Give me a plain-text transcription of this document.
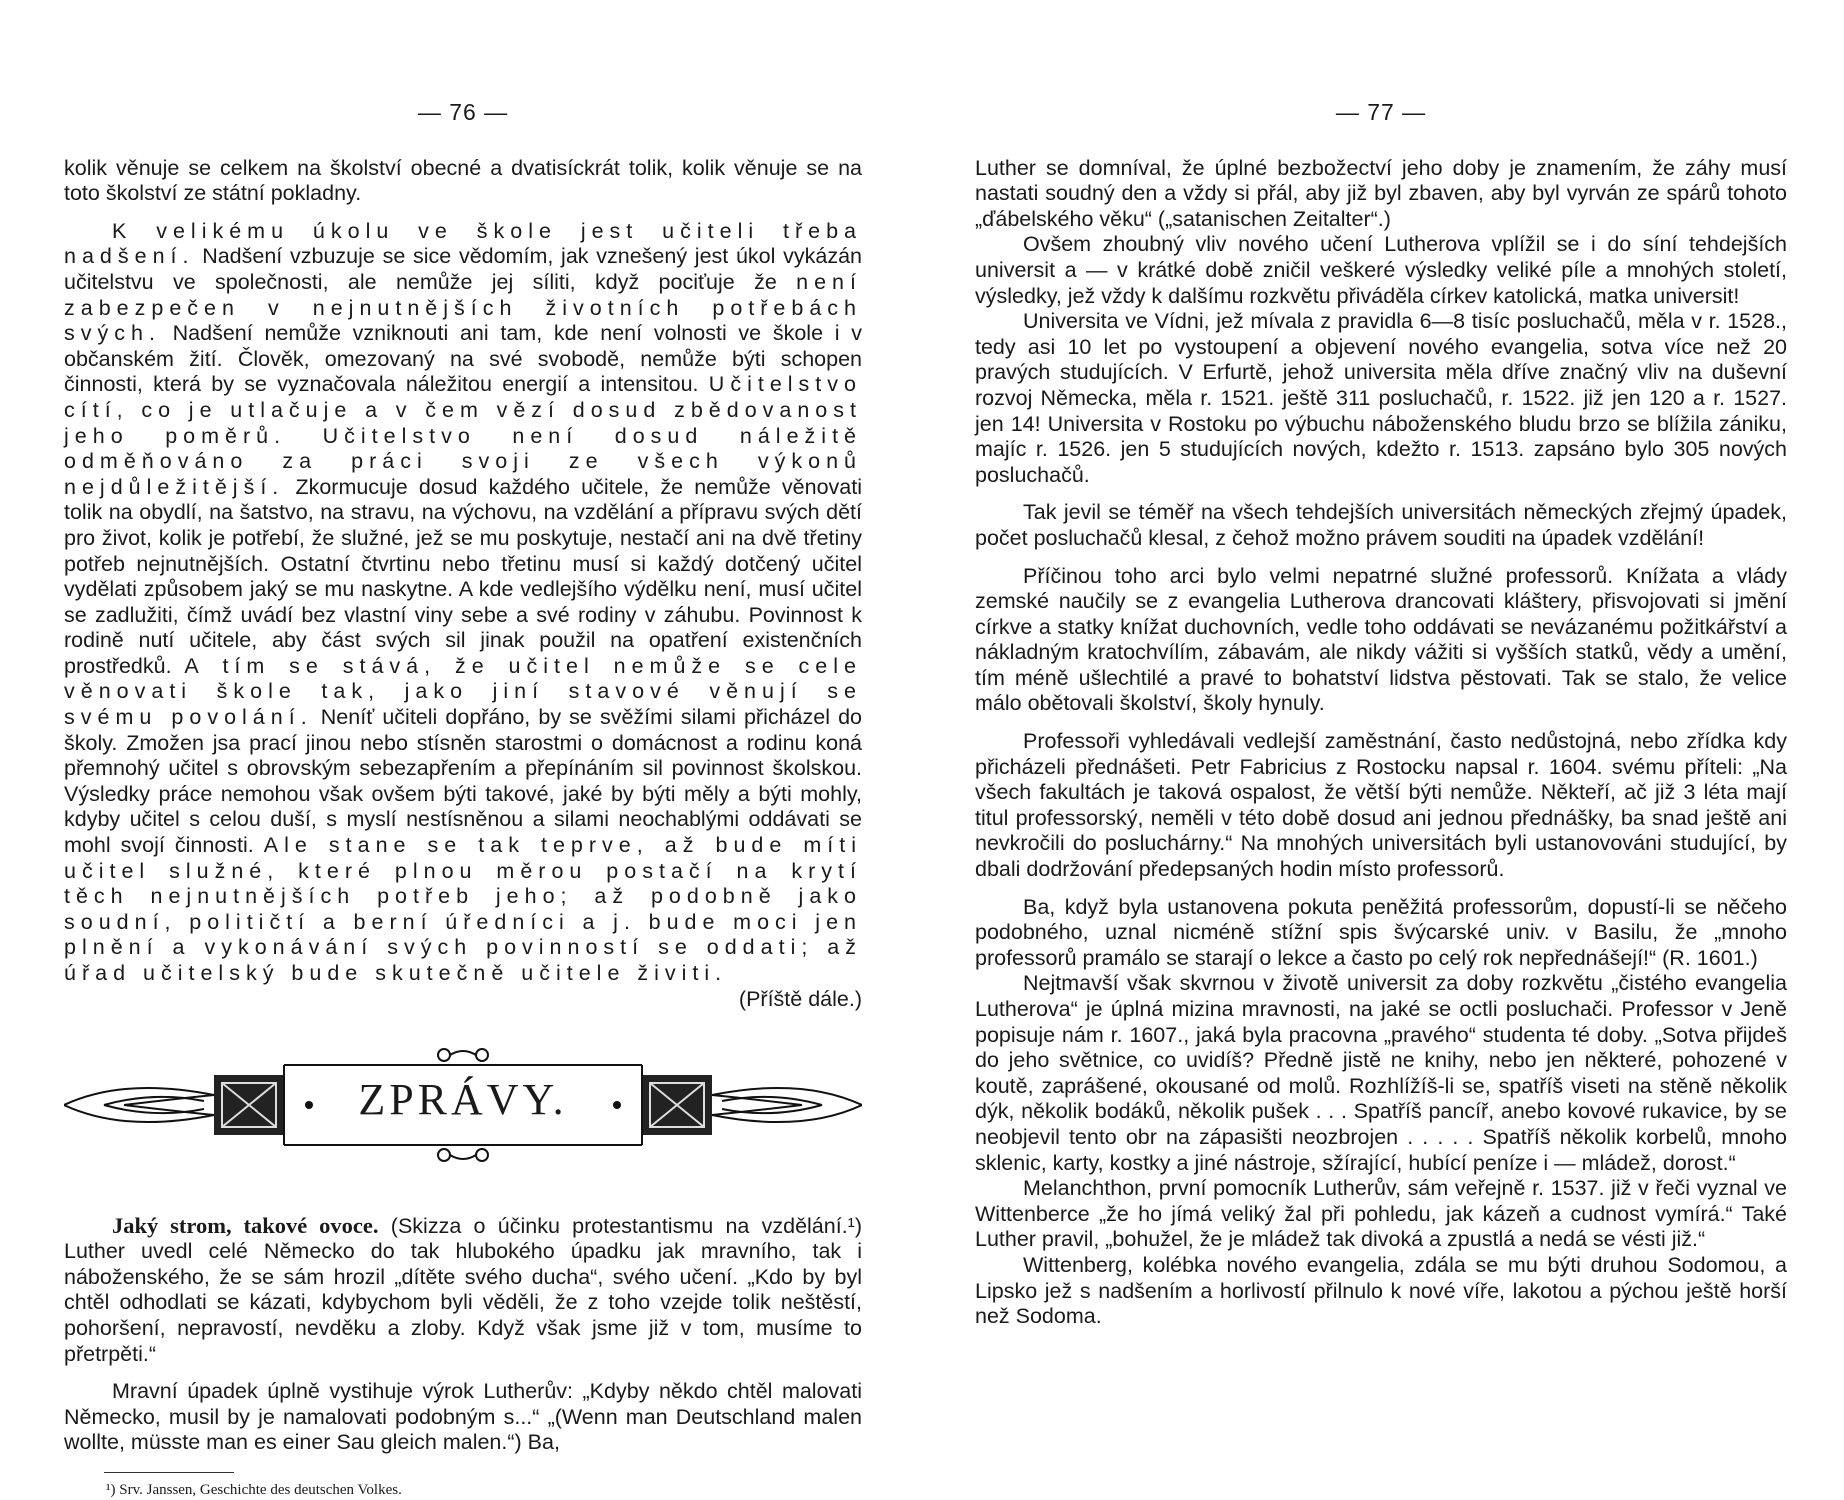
— 76 —

kolik věnuje se celkem na školství obecné a dvatisíckrát tolik, kolik věnuje se na toto školství ze státní pokladny.

K velikému úkolu ve škole jest učiteli třeba nadšení. Nadšení vzbuzuje se sice vědomím, jak vznešený jest úkol vykázán učitelstvu ve společnosti, ale nemůže jej síliti, když pociťuje že není zabezpečen v nejnutnějších životních potřebách svých. Nadšení nemůže vzniknouti ani tam, kde není volnosti ve škole i v občanském žití. Člověk, omezovaný na své svobodě, nemůže býti schopen činnosti, která by se vyznačovala náležitou energií a intensitou. Učitelstvo cítí, co je utlačuje a v čem vězí dosud zbědovanost jeho poměrů. Učitelstvo není dosud náležitě odměňováno za práci svoji ze všech výkonů nejdůležitější. Zkormucuje dosud každého učitele, že nemůže věnovati tolik na obydlí, na šatstvo, na stravu, na výchovu, na vzdělání a přípravu svých dětí pro život, kolik je potřebí, že služné, jež se mu poskytuje, nestačí ani na dvě třetiny potřeb nejnutnějších. Ostatní čtvrtinu nebo třetinu musí si každý dotčený učitel vydělati způsobem jaký se mu naskytne. A kde vedlejšího výdělku není, musí učitel se zadlužiti, čímž uvádí bez vlastní viny sebe a své rodiny v záhubu. Povinnost k rodině nutí učitele, aby část svých sil jinak použil na opatření existenčních prostředků. A tím se stává, že učitel nemůže se cele věnovati škole tak, jako jiní stavové věnují se svému povolání. Neníť učiteli dopřáno, by se svěžími silami přicházel do školy. Zmožen jsa prací jinou nebo stísněn starostmi o domácnost a rodinu koná přemnohý učitel s obrovským sebezapřením a přepínáním sil povinnost školskou. Výsledky práce nemohou však ovšem býti takové, jaké by býti měly a býti mohly, kdyby učitel s celou duší, s myslí nestísněnou a silami neochablými oddávati se mohl svojí činnosti. Ale stane se tak teprve, až bude míti učitel služné, které plnou měrou postačí na krytí těch nejnutnějších potřeb jeho; až podobně jako soudní, političtí a berní úředníci a j. bude moci jen plnění a vykonávání svých povinností se oddati; až úřad učitelský bude skutečně učitele živiti.
(Příště dále.)

ZPRÁVY.

Jaký strom, takové ovoce. (Skizza o účinku protestantismu na vzdělání.¹) Luther uvedl celé Německo do tak hlubokého úpadku jak mravního, tak i náboženského, že se sám hrozil „dítěte svého ducha“, svého učení. „Kdo by byl chtěl odhodlati se kázati, kdybychom byli věděli, že z toho vzejde tolik neštěstí, pohoršení, nepravostí, nevděku a zloby. Když však jsme již v tom, musíme to přetrpěti.“

Mravní úpadek úplně vystihuje výrok Lutherův: „Kdyby někdo chtěl malovati Německo, musil by je namalovati podobným s...“ „(Wenn man Deutschland malen wollte, müsste man es einer Sau gleich malen.“) Ba,

¹) Srv. Janssen, Geschichte des deutschen Volkes.
— 77 —

Luther se domníval, že úplné bezbožectví jeho doby je znamením, že záhy musí nastati soudný den a vždy si přál, aby již byl zbaven, aby byl vyrván ze spárů tohoto „ďábelského věku“ („satanischen Zeitalter“.)

Ovšem zhoubný vliv nového učení Lutherova vplížil se i do síní tehdejších universit a — v krátké době zničil veškeré výsledky veliké píle a mnohých století, výsledky, jež vždy k dalšímu rozkvětu přiváděla církev katolická, matka universit!

Universita ve Vídni, jež mívala z pravidla 6—8 tisíc posluchačů, měla v r. 1528., tedy asi 10 let po vystoupení a objevení nového evangelia, sotva více než 20 pravých studujících. V Erfurtě, jehož universita měla dříve značný vliv na duševní rozvoj Německa, měla r. 1521. ještě 311 posluchačů, r. 1522. již jen 120 a r. 1527. jen 14! Universita v Rostoku po výbuchu náboženského bludu brzo se blížila zániku, majíc r. 1526. jen 5 studujících nových, kdežto r. 1513. zapsáno bylo 305 nových posluchačů.

Tak jevil se téměř na všech tehdejších universitách německých zřejmý úpadek, počet posluchačů klesal, z čehož možno právem souditi na úpadek vzdělání!

Příčinou toho arci bylo velmi nepatrné služné professorů. Knížata a vlády zemské naučily se z evangelia Lutherova drancovati kláštery, přisvojovati si jmění církve a statky knížat duchovních, vedle toho oddávati se nevázanému požitkářství a nákladným kratochvílím, zábavám, ale nikdy vážiti si vyšších statků, vědy a umění, tím méně ušlechtilé a pravé to bohatství lidstva pěstovati. Tak se stalo, že velice málo obětovali školství, školy hynuly.

Professoři vyhledávali vedlejší zaměstnání, často nedůstojná, nebo zřídka kdy přicházeli přednášeti. Petr Fabricius z Rostocku napsal r. 1604. svému příteli: „Na všech fakultách je taková ospalost, že větší býti nemůže. Někteří, ač již 3 léta mají titul professorský, neměli v této době dosud ani jednou přednášky, ba snad ještě ani nevkročili do posluchárny.“ Na mnohých universitách byli ustanovováni studující, by dbali dodržování předepsaných hodin místo professorů.

Ba, když byla ustanovena pokuta peněžitá professorům, dopustí-li se něčeho podobného, uznal nicméně stížní spis švýcarské univ. v Basilu, že „mnoho professorů pramálo se starají o lekce a často po celý rok nepřednášejí!“ (R. 1601.)

Nejtmavší však skvrnou v životě universit za doby rozkvětu „čistého evangelia Lutherova“ je úplná mizina mravnosti, na jaké se octli posluchači. Professor v Jeně popisuje nám r. 1607., jaká byla pracovna „pravého“ studenta té doby. „Sotva přijdeš do jeho světnice, co uvidíš? Předně jistě ne knihy, nebo jen některé, pohozené v koutě, zaprášené, okousané od molů. Rozhlížíš-li se, spatříš viseti na stěně několik dýk, několik bodáků, několik pušek . . . Spatříš pancíř, anebo kovové rukavice, by se neobjevil tento obr na zápasišti neozbrojen . . . . . Spatříš několik korbelů, mnoho sklenic, karty, kostky a jiné nástroje, sžírající, hubící peníze i — mládež, dorost.“

Melanchthon, první pomocník Lutherův, sám veřejně r. 1537. již v řeči vyznal ve Wittenberce „že ho jímá veliký žal při pohledu, jak kázeň a cudnost vymírá.“ Také Luther pravil, „bohužel, že je mládež tak divoká a zpustlá a nedá se vésti již.“

Wittenberg, kolébka nového evangelia, zdála se mu býti druhou Sodomou, a Lipsko jež s nadšením a horlivostí přilnulo k nové víře, lakotou a pýchou ještě horší než Sodoma.
